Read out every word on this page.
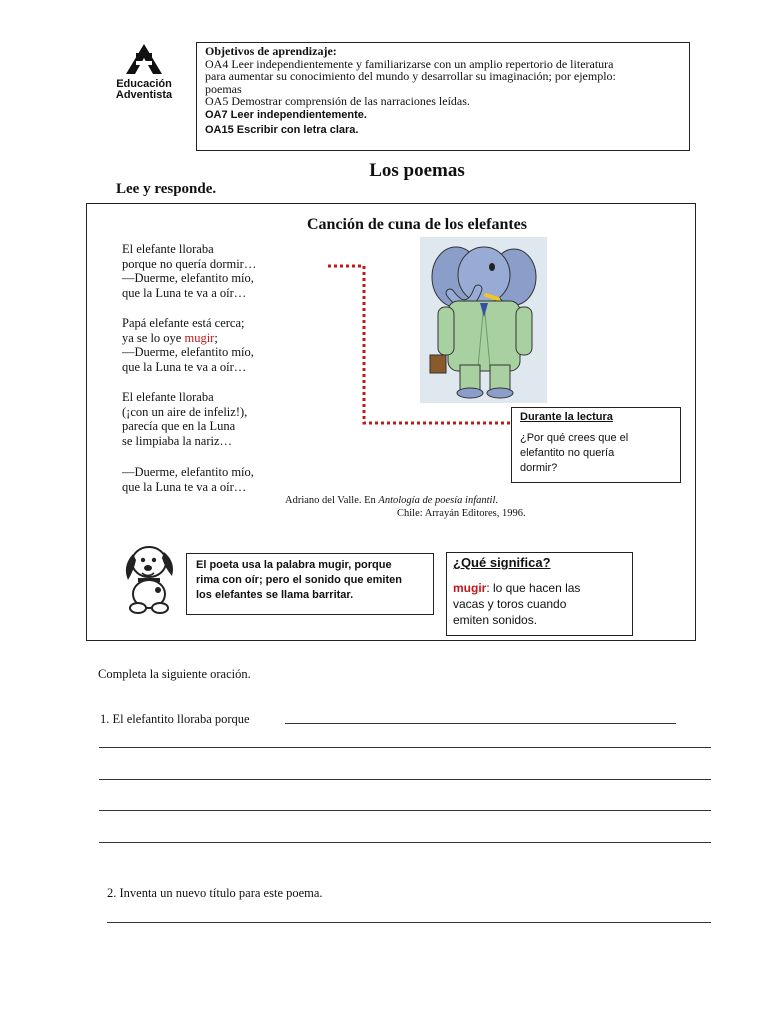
Educación
Adventista
Objetivos de aprendizaje:
OA4 Leer independientemente y familiarizarse con un amplio repertorio de literatura
para aumentar su conocimiento del mundo y desarrollar su imaginación; por ejemplo:
poemas
OA5 Demostrar comprensión de las narraciones leídas.
OA7 Leer independientemente.
OA15 Escribir con letra clara.
Los poemas
Lee y responde.
Canción de cuna de los elefantes
El elefante lloraba
porque no quería dormir…
—Duerme, elefantito mío,
que la Luna te va a oír…
Papá elefante está cerca;
ya se lo oye mugir;
—Duerme, elefantito mío,
que la Luna te va a oír…
El elefante lloraba
(¡con un aire de infeliz!),
parecía que en la Luna
se limpiaba la nariz…
—Duerme, elefantito mío,
que la Luna te va a oír…
Adriano del Valle. En Antología de poesía infantil.
Chile: Arrayán Editores, 1996.
Durante la lectura
¿Por qué crees que el
elefantito no quería
dormir?
El poeta usa la palabra mugir, porque
rima con oír; pero el sonido que emiten
los elefantes se llama barritar.
¿Qué significa?
mugir: lo que hacen las
vacas y toros cuando
emiten sonidos.
Completa la siguiente oración.
1. El elefantito lloraba porque
2. Inventa un nuevo título para este poema.
